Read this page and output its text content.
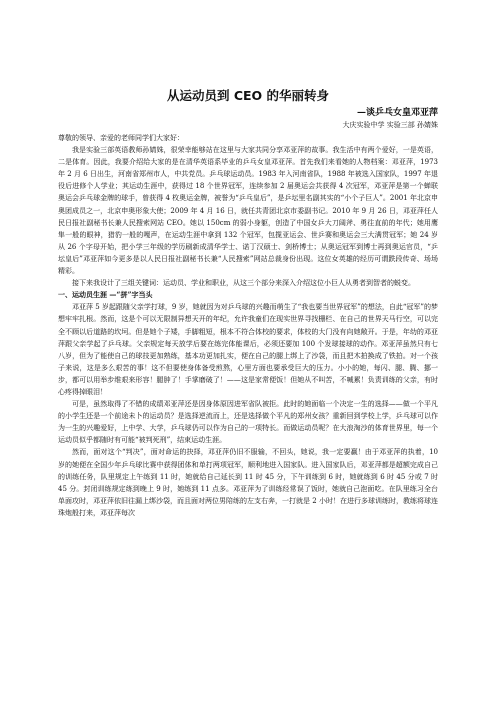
从运动员到 CEO 的华丽转身

—谈乒乓女皇邓亚萍

大庆实验中学 实验三部 孙婧姝

尊敬的领导、亲爱的老师同学们大家好：

我是实验三部英语教师孙婧姝，很荣幸能够站在这里与大家共同分享邓亚萍的故事。我生活中有两个爱好，一是英语，二是体育。因此，我要介绍给大家的是在清华英语系毕业的乒乓女皇邓亚萍。首先我们来看她的人物档案：邓亚萍，1973 年 2 月 6 日出生，河南省郑州市人，中共党员。乒乓球运动员。1983 年入河南省队，1988 年被选入国家队，1997 年退役后进修个人学业；其运动生涯中，获得过 18 个世界冠军，连续参加 2 届奥运会共获得 4 次冠军，邓亚萍是第一个蝉联奥运会乒乓球金牌的球手，曾获得 4 枚奥运金牌，被誉为“乒乓皇后”，是乒坛里名副其实的“小个子巨人”。2001 年北京申奥团成员之一，北京申奥形象大使；2009 年 4 月 16 日，就任共青团北京市委副书记。2010 年 9 月 26 日，邓亚萍任人民日报社副秘书长兼人民搜索网站 CEO。她以 150cm 的弱小身躯，创造了中国女乒大刀阔斧、勇往直前的年代；她用鹰隼一般的眼神，猎豹一般的嘎声，在运动生涯中拿到 132 个冠军，包揽亚运会、世乒赛和奥运会三大满贯冠军；她 24 岁从 26 个字母开始，把小学三年级的学历刷新成清华学士、诺丁汉硕士、剑桥博士；从奥运冠军到博士再到奥运官员，“乒坛皇后”邓亚萍如今更多是以人民日报社副秘书长兼“人民搜索”网站总裁身份出现。这位女英雄的经历可谓跌段传奇、场场精彩。

接下来我设计了三组关键词：运动员、学业和职业，从这三个部分来深入介绍这位小巨人从勇者到智者的蜕变。

一、运动员生涯 —“拼”字当头

邓亚萍 5 岁起跟随父亲学打球，9 岁，她就因为对乒乓球的兴趣而萌生了“我也要当世界冠军”的想法，自此“冠军”的梦想牢牢扎根。然而，这是个可以无限制异想天开的年纪，允许我童们在现实世界寻找栅栏、在自己的世界天马行空，可以完全不顾以后道路的坎坷。但是她个子矮，手脚粗短，根本不符合体校的要求，体校的大门没有向她敞开。于是，年幼的邓亚萍跟父亲学起了乒乓球。父亲规定每天放学后要在练完体能课后，必须还要加 100 个发球接球的动作。邓亚萍虽然只有七八岁，但为了能使自己的球技更加熟练，基本功更加扎实，便在自己的腿上绑上了沙袋，而且把木拍换成了铁拍。对一个孩子来说，这是多么艰苦的事！这不但要使身体备受煎熬，心里方面也要承受巨大的压力。小小的她，每闪、腿、腾、挪一步，都可以用举步维艰来形容！腿肿了！手掌磨破了！——这是家常便饭！但她从不叫苦，不喊累！负责训练的父亲，有时心疼得掉眼泪！

可是，虽然取得了不错的成绩邓亚萍还是因身体原因进军省队被拒。此时的她面临一个决定一生的选择——做一个平凡的小学生还是一个前途未卜的运动员？是选择逆流而上，还是选择做个平凡的郑州女孩？重新回到学校上学，乒乓球可以作为一生的兴趣爱好，上中学、大学，乒乓球仍可以作为自己的一项特长。而做运动员呢？在大浪淘沙的体育世界里，每一个运动员似乎都随时有可能“被判死刑”，结束运动生涯。

然而，面对这个“判决”，面对命运的抉择，邓亚萍仍旧不服输，不回头，她说，我一定要赢！由于邓亚萍的执着，10 岁的她便在全国少年乒乓球比赛中获得团体和单打两项冠军，顺利地进入国家队。进入国家队后，邓亚萍都是超额完成自己的训练任务，队里规定上午练到 11 时，她就给自己延长到 11 时 45 分，下午训练到 6 时，她就练到 6 时 45 分或 7 时 45 分。封闭训练规定练到晚上 9 时，她练到 11 点多。邓亚萍为了训练经常误了饭时，她就自己泡面吃。在队里练习全台单面攻时，邓亚萍依旧往漏上绑沙袋，而且面对两位男陪练的左支右奔，一打就是 2 小时！在进行多球训练时，教练将球连珠炮般打来，邓亚萍每次
